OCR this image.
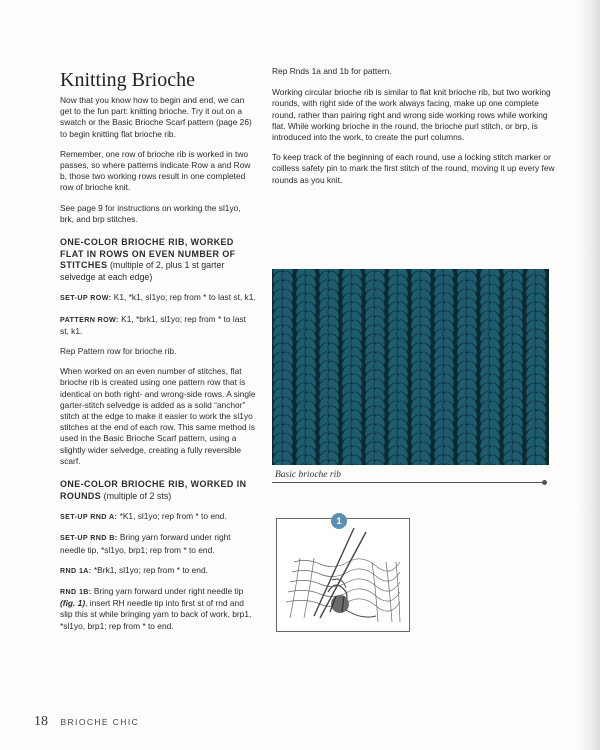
Knitting Brioche

Now that you know how to begin and end, we can get to the fun part: knitting brioche. Try it out on a swatch or the Basic Brioche Scarf pattern (page 26) to begin knitting flat brioche rib.

Remember, one row of brioche rib is worked in two passes, so where patterns indicate Row a and Row b, those two working rows result in one completed row of brioche knit.

See page 9 for instructions on working the sl1yo, brk, and brp stitches.

ONE-COLOR BRIOCHE RIB, WORKED FLAT IN ROWS ON EVEN NUMBER OF STITCHES (multiple of 2, plus 1 st garter selvedge at each edge)

SET-UP ROW: K1, *k1, sl1yo; rep from * to last st, k1.

PATTERN ROW: K1, *brk1, sl1yo; rep from * to last st, k1.

Rep Pattern row for brioche rib.

When worked on an even number of stitches, flat brioche rib is created using one pattern row that is identical on both right- and wrong-side rows. A single garter-stitch selvedge is added as a solid “anchor” stitch at the edge to make it easier to work the sl1yo stitches at the end of each row. This same method is used in the Basic Brioche Scarf pattern, using a slightly wider selvedge, creating a fully reversible scarf.

ONE-COLOR BRIOCHE RIB, WORKED IN ROUNDS (multiple of 2 sts)

SET-UP RND A: *K1, sl1yo; rep from * to end.

SET-UP RND B: Bring yarn forward under right needle tip, *sl1yo, brp1; rep from * to end.

RND 1A: *Brk1, sl1yo; rep from * to end.

RND 1B: Bring yarn forward under right needle tip (fig. 1), insert RH needle tip into first st of rnd and slip this st while bringing yarn to back of work, brp1, *sl1yo, brp1; rep from * to end.

Rep Rnds 1a and 1b for pattern.

Working circular brioche rib is similar to flat knit brioche rib, but two working rounds, with right side of the work always facing, make up one complete round, rather than pairing right and wrong side working rows while working flat. While working brioche in the round, the brioche purl stitch, or brp, is introduced into the work, to create the purl columns.

To keep track of the beginning of each round, use a locking stitch marker or coilless safety pin to mark the first stitch of the round, moving it up every few rounds as you knit.

Basic brioche rib
1
18 BRIOCHE CHIC
